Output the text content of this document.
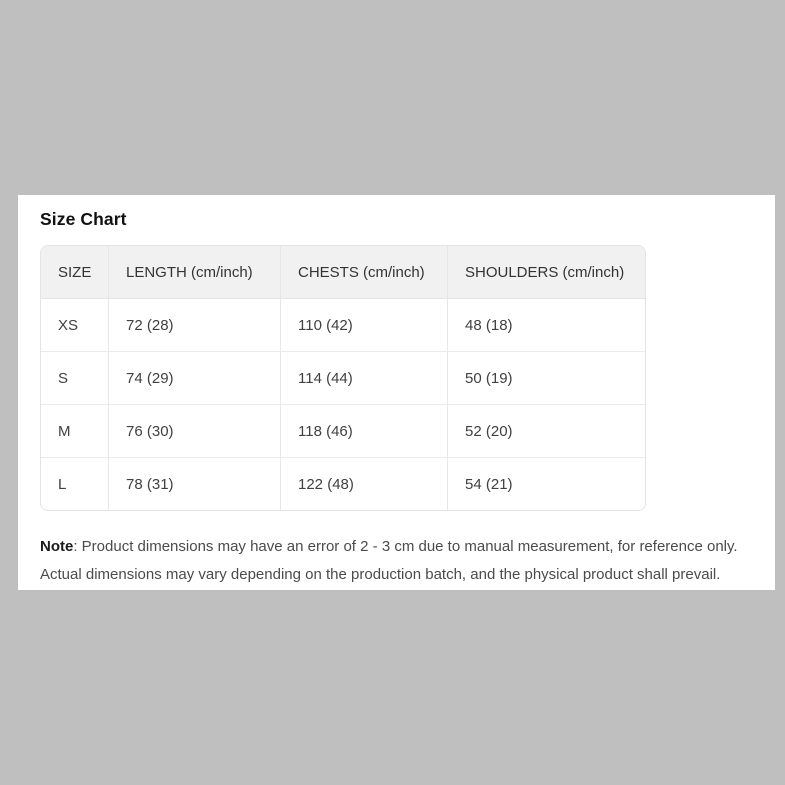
Size Chart
SIZE	LENGTH (cm/inch)	CHESTS (cm/inch)	SHOULDERS (cm/inch)
XS	72 (28)	110 (42)	48 (18)
S	74 (29)	114 (44)	50 (19)
M	76 (30)	118 (46)	52 (20)
L	78 (31)	122 (48)	54 (21)
Note: Product dimensions may have an error of 2 - 3 cm due to manual measurement, for reference only.
Actual dimensions may vary depending on the production batch, and the physical product shall prevail.
